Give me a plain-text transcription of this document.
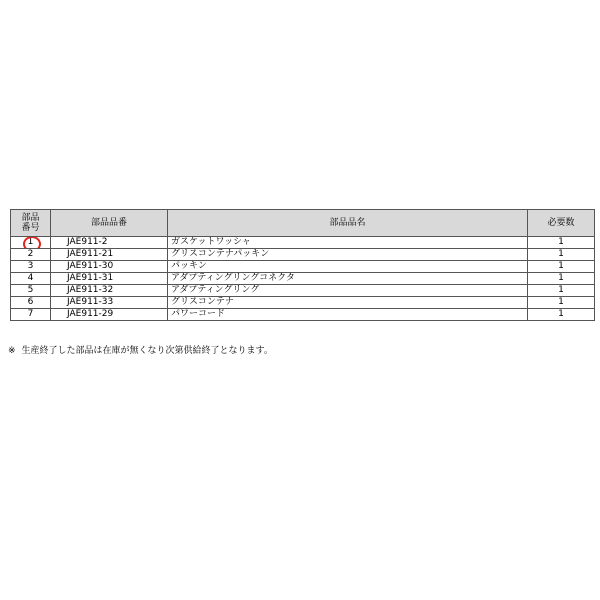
部品
番号	部品品番	部品品名	必要数
1	JAE911-2	ガスケットワッシャ	1
2	JAE911-21	グリスコンテナパッキン	1
3	JAE911-30	パッキン	1
4	JAE911-31	アダプティングリングコネクタ	1
5	JAE911-32	アダプティングリング	1
6	JAE911-33	グリスコンテナ	1
7	JAE911-29	パワーコード	1
※ 生産終了した部品は在庫が無くなり次第供給終了となります。
